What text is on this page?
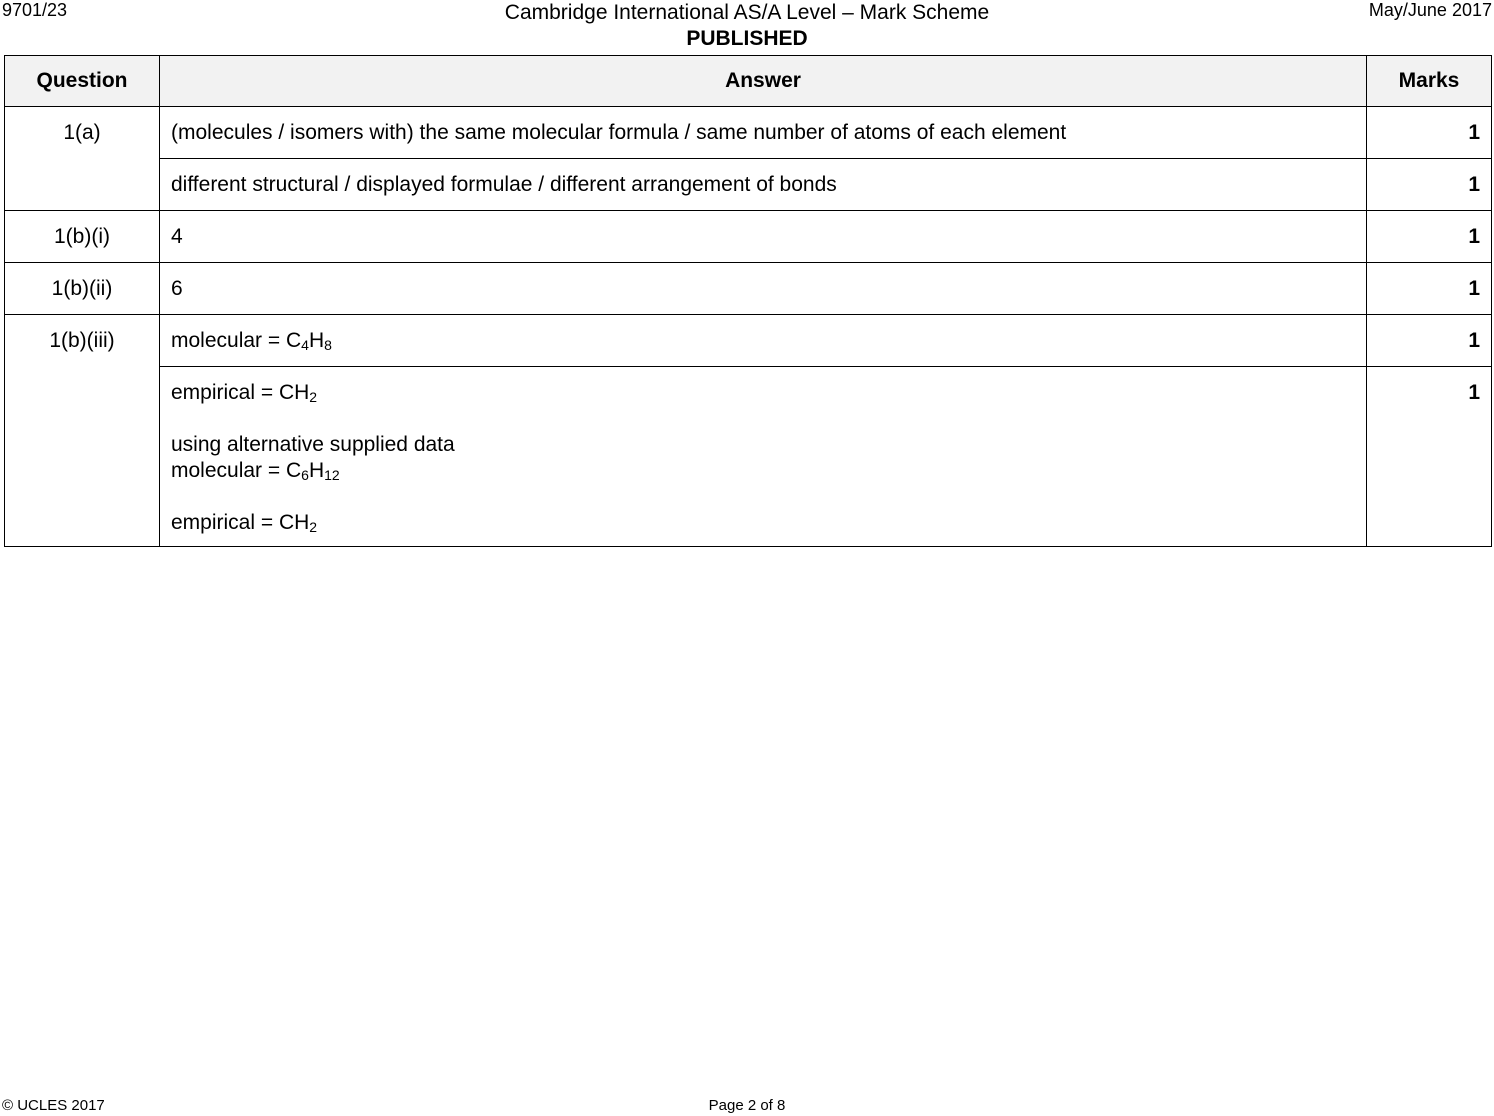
9701/23	Cambridge International AS/A Level – Mark Scheme
PUBLISHED
May/June 2017
Question	Answer	Marks
1(a)	(molecules / isomers with) the same molecular formula / same number of atoms of each element	1
	different structural / displayed formulae / different arrangement of bonds	1
1(b)(i)	4	1
1(b)(ii)	6	1
1(b)(iii)	molecular = $C_4H_8$	1

	empirical = $CH_2$
using alternative supplied data
molecular = $C_6H_{12}$
empirical = $CH_2$	1
© UCLES 2017	Page 2 of 8
